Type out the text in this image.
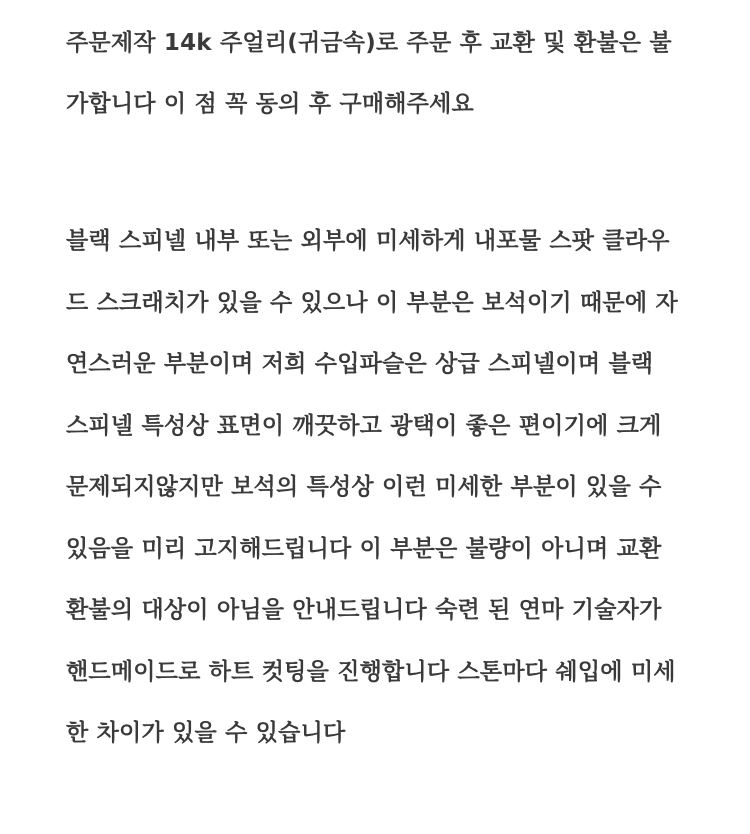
주문제작 14k 주얼리(귀금속)로 주문 후 교환 및 환불은 불
가합니다 이 점 꼭 동의 후 구매해주세요
블랙 스피넬 내부 또는 외부에 미세하게 내포물 스팟 클라우
드 스크래치가 있을 수 있으나 이 부분은 보석이기 때문에 자
연스러운 부분이며 저희 수입파슬은 상급 스피넬이며 블랙
스피넬 특성상 표면이 깨끗하고 광택이 좋은 편이기에 크게
문제되지않지만 보석의 특성상 이런 미세한 부분이 있을 수
있음을 미리 고지해드립니다 이 부분은 불량이 아니며 교환
환불의 대상이 아님을 안내드립니다 숙련 된 연마 기술자가
핸드메이드로 하트 컷팅을 진행합니다 스톤마다 쉐입에 미세
한 차이가 있을 수 있습니다
